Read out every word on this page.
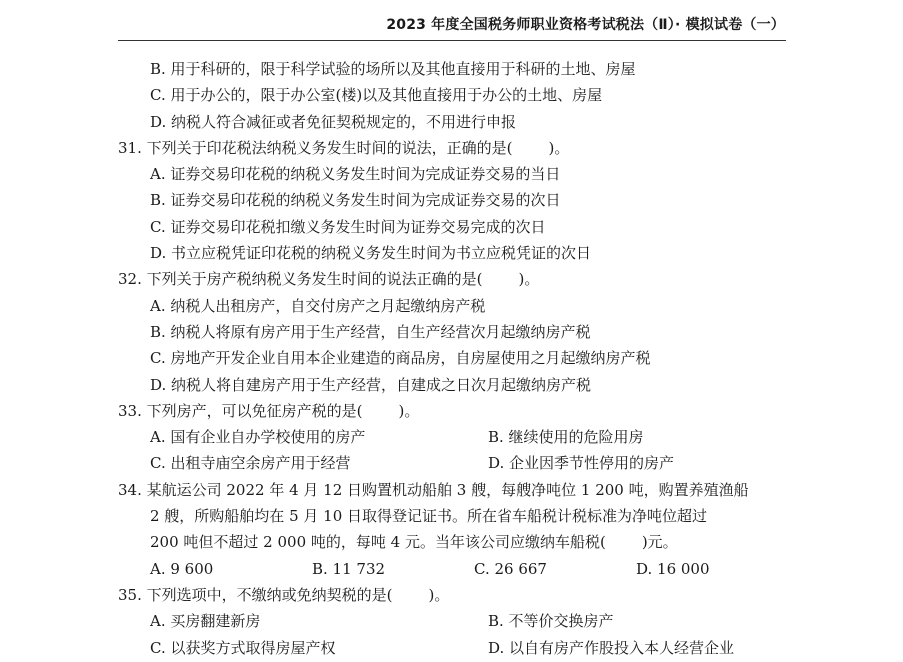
2023 年度全国税务师职业资格考试税法（Ⅱ）· 模拟试卷（一）
B. 用于科研的，限于科学试验的场所以及其他直接用于科研的土地、房屋
C. 用于办公的，限于办公室(楼)以及其他直接用于办公的土地、房屋
D. 纳税人符合减征或者免征契税规定的，不用进行申报
31. 下列关于印花税法纳税义务发生时间的说法，正确的是( )。
A. 证券交易印花税的纳税义务发生时间为完成证券交易的当日
B. 证券交易印花税的纳税义务发生时间为完成证券交易的次日
C. 证券交易印花税扣缴义务发生时间为证券交易完成的次日
D. 书立应税凭证印花税的纳税义务发生时间为书立应税凭证的次日
32. 下列关于房产税纳税义务发生时间的说法正确的是( )。
A. 纳税人出租房产，自交付房产之月起缴纳房产税
B. 纳税人将原有房产用于生产经营，自生产经营次月起缴纳房产税
C. 房地产开发企业自用本企业建造的商品房，自房屋使用之月起缴纳房产税
D. 纳税人将自建房产用于生产经营，自建成之日次月起缴纳房产税
33. 下列房产，可以免征房产税的是( )。
A. 国有企业自办学校使用的房产	B. 继续使用的危险用房
C. 出租寺庙空余房产用于经营	D. 企业因季节性停用的房产
34. 某航运公司 2022 年 4 月 12 日购置机动船舶 3 艘，每艘净吨位 1 200 吨，购置养殖渔船
2 艘，所购船舶均在 5 月 10 日取得登记证书。所在省车船税计税标准为净吨位超过
200 吨但不超过 2 000 吨的，每吨 4 元。当年该公司应缴纳车船税( )元。
A. 9 600	B. 11 732	C. 26 667	D. 16 000
35. 下列选项中，不缴纳或免纳契税的是( )。
A. 买房翻建新房	B. 不等价交换房产
C. 以获奖方式取得房屋产权	D. 以自有房产作股投入本人经营企业
